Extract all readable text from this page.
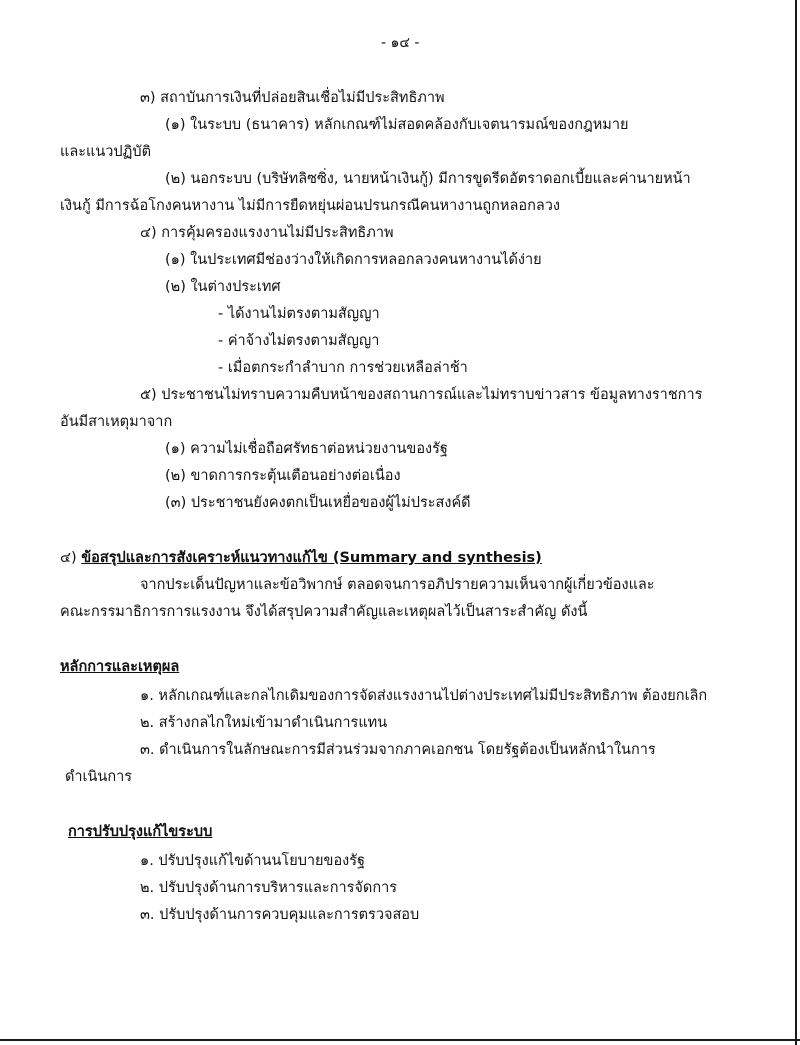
- ๑๔ -
๓) สถาบันการเงินที่ปล่อยสินเชื่อไม่มีประสิทธิภาพ
(๑) ในระบบ (ธนาคาร) หลักเกณฑ์ไม่สอดคล้องกับเจตนารมณ์ของกฎหมาย
และแนวปฏิบัติ
(๒) นอกระบบ (บริษัทลิซซิ่ง, นายหน้าเงินกู้) มีการขูดรีดอัตราดอกเบี้ยและค่านายหน้า
เงินกู้ มีการฉ้อโกงคนหางาน ไม่มีการยืดหยุ่นผ่อนปรนกรณีคนหางานถูกหลอกลวง
๔) การคุ้มครองแรงงานไม่มีประสิทธิภาพ
(๑) ในประเทศมีช่องว่างให้เกิดการหลอกลวงคนหางานได้ง่าย
(๒) ในต่างประเทศ
- ได้งานไม่ตรงตามสัญญา
- ค่าจ้างไม่ตรงตามสัญญา
- เมื่อตกระกำลำบาก การช่วยเหลือล่าช้า
๕) ประชาชนไม่ทราบความคืบหน้าของสถานการณ์และไม่ทราบข่าวสาร ข้อมูลทางราชการ
อันมีสาเหตุมาจาก
(๑) ความไม่เชื่อถือศรัทธาต่อหน่วยงานของรัฐ
(๒) ขาดการกระตุ้นเตือนอย่างต่อเนื่อง
(๓) ประชาชนยังคงตกเป็นเหยื่อของผู้ไม่ประสงค์ดี
๔) ข้อสรุปและการสังเคราะห์แนวทางแก้ไข (Summary and synthesis)
จากประเด็นปัญหาและข้อวิพากษ์ ตลอดจนการอภิปรายความเห็นจากผู้เกี่ยวข้องและ
คณะกรรมาธิการการแรงงาน จึงได้สรุปความสำคัญและเหตุผลไว้เป็นสาระสำคัญ ดังนี้
หลักการและเหตุผล
๑. หลักเกณฑ์และกลไกเดิมของการจัดส่งแรงงานไปต่างประเทศไม่มีประสิทธิภาพ ต้องยกเลิก
๒. สร้างกลไกใหม่เข้ามาดำเนินการแทน
๓. ดำเนินการในลักษณะการมีส่วนร่วมจากภาคเอกชน โดยรัฐต้องเป็นหลักนำในการ
ดำเนินการ
การปรับปรุงแก้ไขระบบ
๑. ปรับปรุงแก้ไขด้านนโยบายของรัฐ
๒. ปรับปรุงด้านการบริหารและการจัดการ
๓. ปรับปรุงด้านการควบคุมและการตรวจสอบ
